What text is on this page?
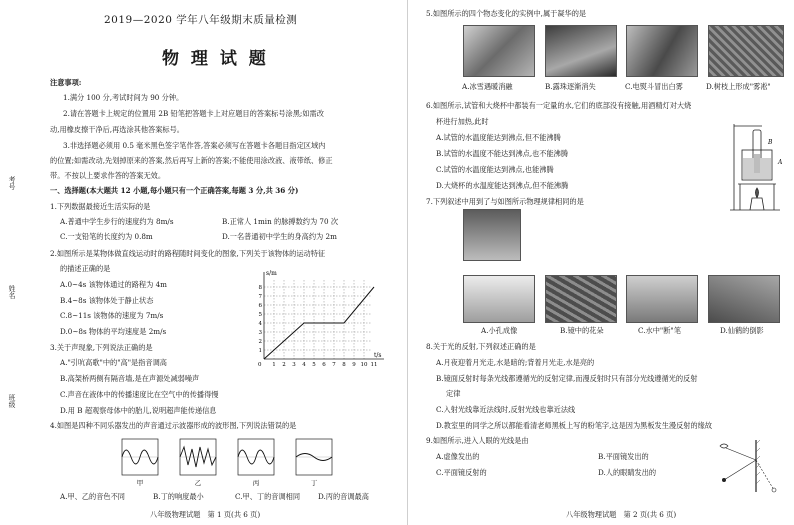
2019—2020 学年八年级期末质量检测
物 理 试 题
注意事项:
1.满分 100 分,考试时间为 90 分钟。
2.请在答题卡上规定的位置用 2B 铅笔把答题卡上对应题目的答案标号涂黑;如需改
动,用橡皮擦干净后,再选涂其他答案标号。
3.非选择题必须用 0.5 毫米黑色签字笔作答,答案必须写在答题卡各题目指定区域内
的位置;如需改动,先划掉原来的答案,然后再写上新的答案;不能使用涂改液、液带纸、修正
带。不按以上要求作答的答案无效。
一、选择题(本大题共 12 小题,每小题只有一个正确答案,每题 3 分,共 36 分)
1.下列数据最接近生活实际的是
A.普通中学生步行的速度约为 8m/s	B.正常人 1min 的脉搏数约为 70 次
C.一支铅笔的长度约为 0.8m	D.一名普通初中学生的身高约为 2m
2.如图所示是某物体做直线运动时的路程随时间变化的图象,下列关于该物体的运动特征
的描述正确的是
A.0~4s 该物体通过的路程为 4m
B.4~8s 该物体处于静止状态
C.8~11s 该物体的速度为 7m/s
D.0~8s 物体的平均速度是 2m/s
s/m
t/s
0
1
2
3
4
5
6
7
8
1 2 3 4 5 6 7 8 9 10 11
3.关于声现象,下列说法正确的是
A."引吭高歌"中的"高"是指音调高
B.高架桥两侧有隔音墙,是在声源处减弱噪声
C.声音在液体中的传播速度比在空气中的传播得慢
D.用 B 超观察母体中的胎儿,说明超声能传递信息
4.如图是四种不同乐器发出的声音通过示波器形成的波形图,下列说法错误的是
甲	乙	丙	丁
A.甲、乙的音色不同	B.丁的响度最小	C.甲、丁的音调相同 D.丙的音调最高
八年级物理试题　第 1 页(共 6 页)
考号
姓名
班级
5.如图所示的四个物态变化的实例中,属于凝华的是
A.冰雪遇暖消融	B.露珠逐渐消失	C.电熨斗冒出白雾	D.树枝上形成"雾凇"
6.如图所示,试管和大烧杯中都装有一定量的水,它们的底部没有接触,用酒精灯对大烧
杯进行加热,此时
A.试管的水温度能达到沸点,但不能沸腾
B.试管的水温度不能达到沸点,也不能沸腾
C.试管的水温度能达到沸点,也能沸腾
D.大烧杯的水温度能达到沸点,但不能沸腾
A
B
7.下列叙述中用到了与如图所示物理规律相同的是
A.小孔成像	B.镜中的花朵	C.水中"断"笔	D.仙鹤的倒影
8.关于光的反射,下列叙述正确的是
A.月夜迎着月光走,水是暗的;背着月光走,水是亮的
B.镜面反射时每条光线都遵循光的反射定律,而漫反射时只有部分光线遵循光的反射
定律
C.入射光线靠近法线时,反射光线也靠近法线
D.教室里的同学之所以都能看清老师黑板上写的粉笔字,这是因为黑板发生漫反射的缘故
9.如图所示,进入人眼的光线是由
A.虚像发出的	B.平面镜发出的
C.平面镜反射的	D.人的眼睛发出的
八年级物理试题　第 2 页(共 6 页)
